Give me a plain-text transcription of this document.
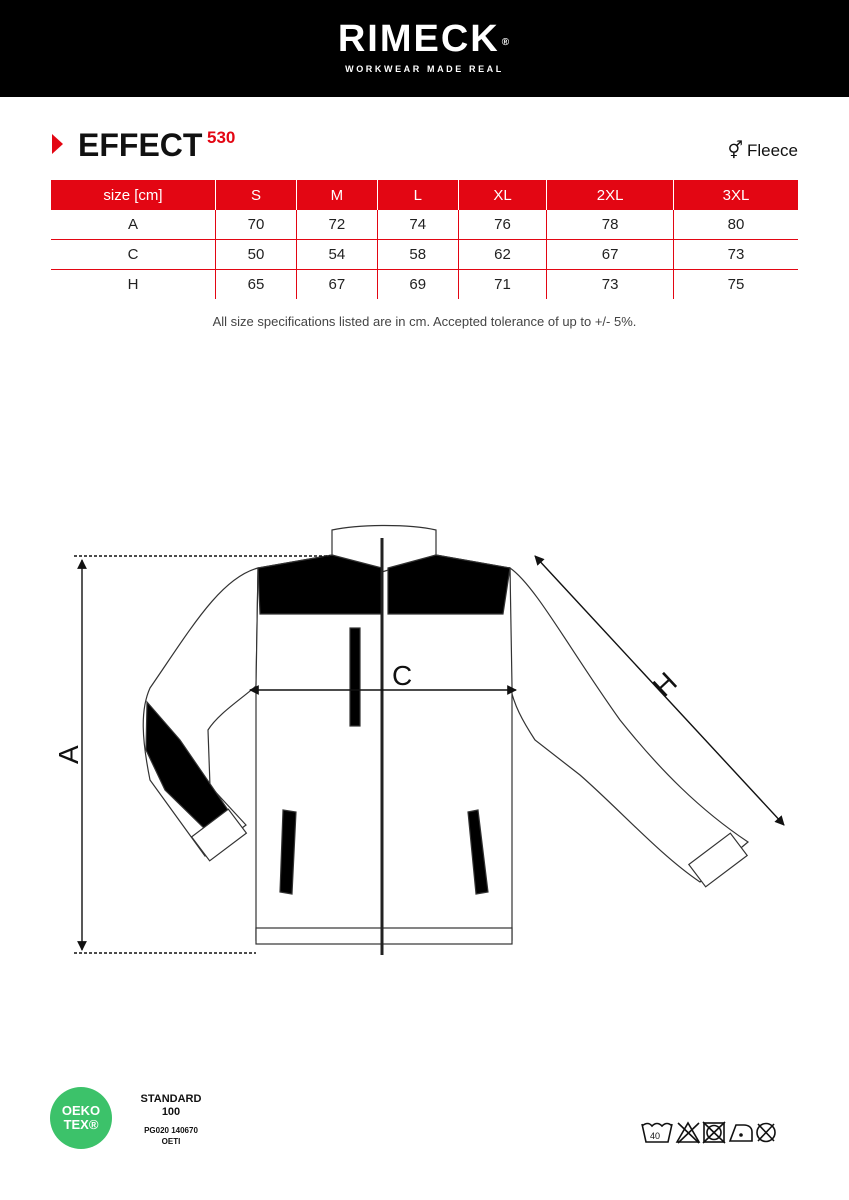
RIMECK ®
WORKWEAR MADE REAL
EFFECT 530
⚥ Fleece
size [cm]	S	M	L	XL	2XL	3XL
A	70	72	74	76	78	80
C	50	54	58	62	67	73
H	65	67	69	71	73	75
All size specifications listed are in cm. Accepted tolerance of up to +/- 5%.
A
C	H
OEKO
TEX®
STANDARD
100
PG020 140670
OETI
40
